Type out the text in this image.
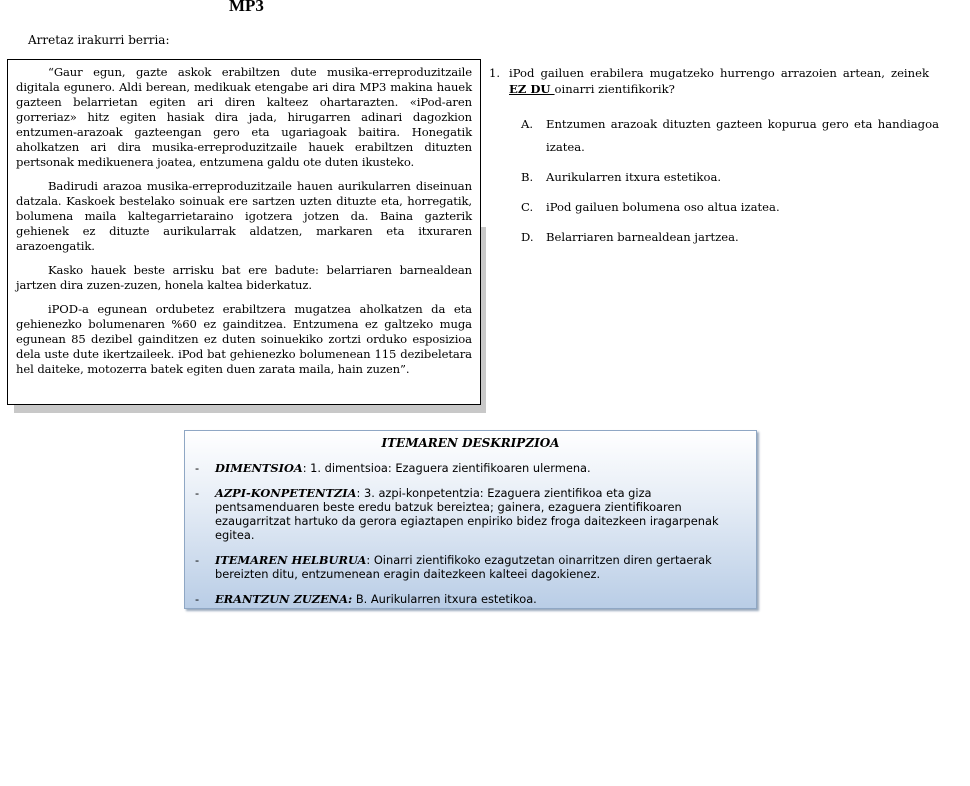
MP3
Arretaz irakurri berria:

“Gaur egun, gazte askok erabiltzen dute musika-erreproduzitzaile digitala egunero. Aldi berean, medikuak etengabe ari dira MP3 makina hauek gazteen belarrietan egiten ari diren kalteez ohartarazten. «iPod-aren gorreriaz» hitz egiten hasiak dira jada, hirugarren adinari dagozkion entzumen-arazoak gazteengan gero eta ugariagoak baitira. Honegatik aholkatzen ari dira musika-erreproduzitzaile hauek erabiltzen dituzten pertsonak medikuenera joatea, entzumena galdu ote duten ikusteko.

Badirudi arazoa musika-erreproduzitzaile hauen aurikularren diseinuan datzala. Kaskoek bestelako soinuak ere sartzen uzten dituzte eta, horregatik, bolumena maila kaltegarrietaraino igotzera jotzen da. Baina gazterik gehienek ez dituzte aurikularrak aldatzen, markaren eta itxuraren arazoengatik.

Kasko hauek beste arrisku bat ere badute: belarriaren barnealdean jartzen dira zuzen-zuzen, honela kaltea biderkatuz.

iPOD-a egunean ordubetez erabiltzera mugatzea aholkatzen da eta gehienezko bolumenaren %60 ez gainditzea. Entzumena ez galtzeko muga egunean 85 dezibel gainditzen ez duten soinuekiko zortzi orduko esposizioa dela uste dute ikertzaileek. iPod bat gehienezko bolumenean 115 dezibeletara hel daiteke, motozerra batek egiten duen zarata maila, hain zuzen”.

1. iPod gailuen erabilera mugatzeko hurrengo arrazoien artean, zeinek EZ DU oinarri zientifikorik?
A. Entzumen arazoak dituzten gazteen kopurua gero eta handiagoa izatea.
B. Aurikularren itxura estetikoa.
C. iPod gailuen bolumena oso altua izatea.
D. Belarriaren barnealdean jartzea.
ITEMAREN DESKRIPZIOA
- DIMENTSIOA: 1. dimentsioa: Ezaguera zientifikoaren ulermena.
- AZPI-KONPETENTZIA: 3. azpi-konpetentzia: Ezaguera zientifikoa eta giza pentsamenduaren beste eredu batzuk bereiztea; gainera, ezaguera zientifikoaren ezaugarritzat hartuko da gerora egiaztapen enpiriko bidez froga daitezkeen iragarpenak egitea.
- ITEMAREN HELBURUA: Oinarri zientifikoko ezagutzetan oinarritzen diren gertaerak bereizten ditu, entzumenean eragin daitezkeen kalteei dagokienez.
- ERANTZUN ZUZENA: B. Aurikularren itxura estetikoa.
